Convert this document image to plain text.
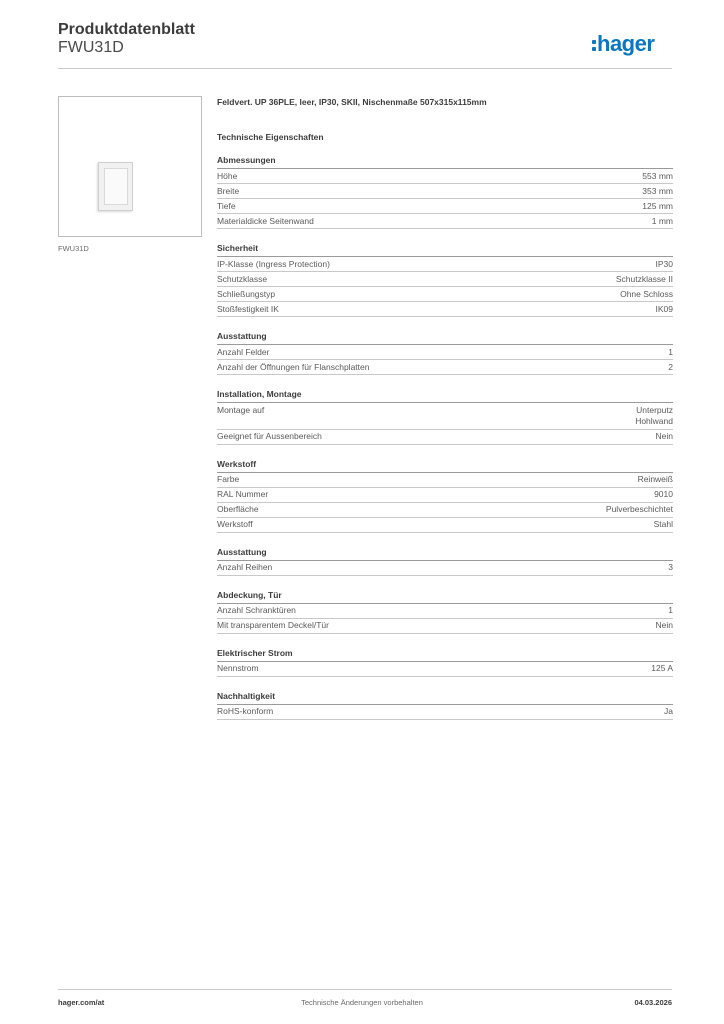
Produktdatenblatt
FWU31D	hager
FWU31D
Feldvert. UP 36PLE, leer, IP30, SKII, Nischenmaße 507x315x115mm
Technische Eigenschaften
Abmessungen
Höhe	553 mm
Breite	353 mm
Tiefe	125 mm
Materialdicke Seitenwand	1 mm
Sicherheit
IP-Klasse (Ingress Protection)	IP30
Schutzklasse	Schutzklasse II
Schließungstyp	Ohne Schloss
Stoßfestigkeit IK	IK09
Ausstattung
Anzahl Felder	1
Anzahl der Öffnungen für Flanschplatten	2
Installation, Montage
Montage auf	Unterputz
Hohlwand
Geeignet für Aussenbereich	Nein
Werkstoff
Farbe	Reinweiß
RAL Nummer	9010
Oberfläche	Pulverbeschichtet
Werkstoff	Stahl
Ausstattung
Anzahl Reihen	3
Abdeckung, Tür
Anzahl Schranktüren	1
Mit transparentem Deckel/Tür	Nein
Elektrischer Strom
Nennstrom	125 A
Nachhaltigkeit
RoHS-konform	Ja
hager.com/at	Technische Änderungen vorbehalten	04.03.2026
